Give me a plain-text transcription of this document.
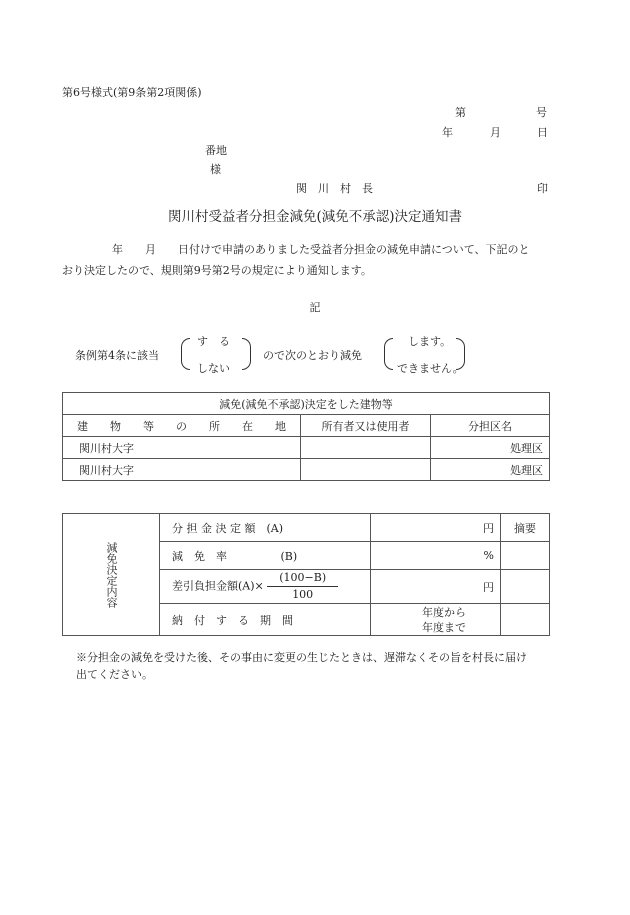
第6号様式(第9条第2項関係)
第	号
年	月	日
番地
様
関　川　村　長	印
関川村受益者分担金減免(減免不承認)決定通知書
年　　月　　日付けで申請のありました受益者分担金の減免申請について、下記のと
おり決定したので、規則第9号第2号の規定により通知します。
記
条例第4条に該当
す　る
しない
ので次のとおり減免
します。
できません。
減免(減免不承認)決定をした建物等		
建　　物　　等　　の　　所　　在　　地	所有者又は使用者	分担区名
関川村大字		処理区
関川村大字		処理区
減免決定内容	分 担 金 決 定 額　(A)	円	摘要
	減　免　率 (B)	%	
	差引負担金額$(A)\times \frac{(100-B)}{100}$	円	
	納　付　す　る　期　間	年度から
年度まで	

※分担金の減免を受けた後、その事由に変更の生じたときは、遅滞なくその旨を村長に届け
出てください。
